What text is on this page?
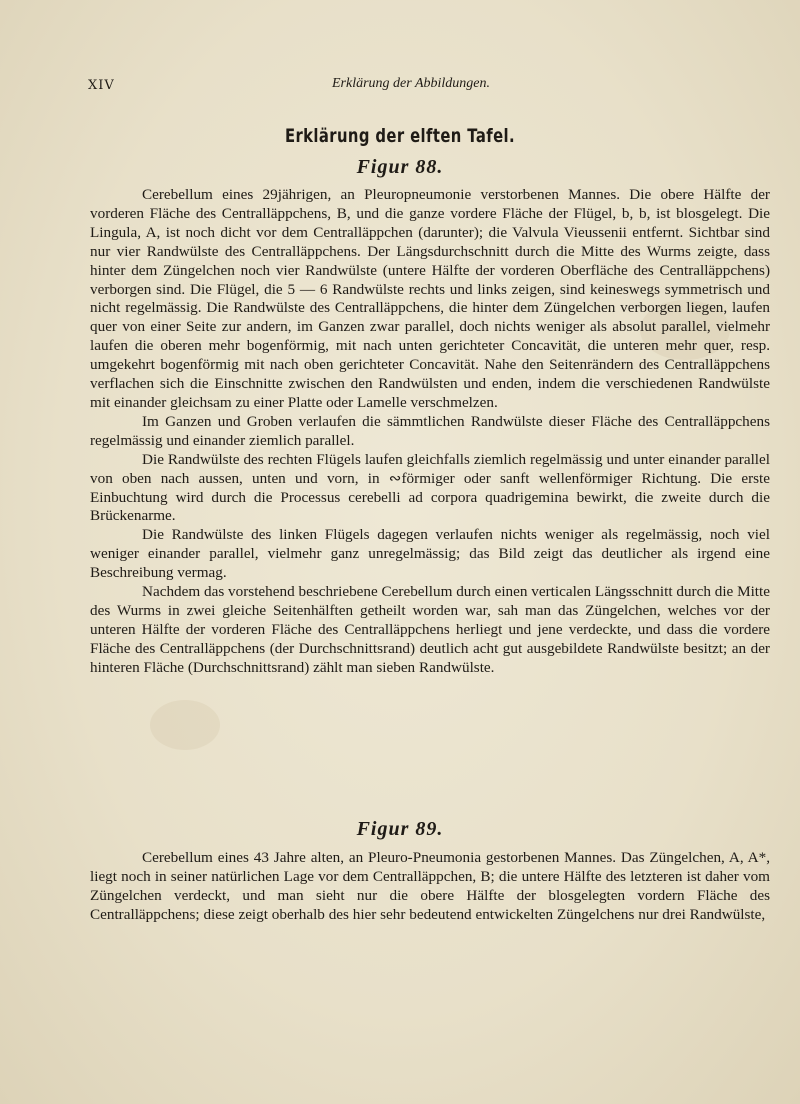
XIV	Erklärung der Abbildungen.
Erklärung der elften Tafel.
Figur 88.

Cerebellum eines 29jährigen, an Pleuropneumonie verstorbenen Mannes. Die obere Hälfte der vorderen Fläche des Centralläppchens, B, und die ganze vordere Fläche der Flügel, b, b, ist blosgelegt. Die Lingula, A, ist noch dicht vor dem Centralläppchen (darunter); die Valvula Vieussenii entfernt. Sichtbar sind nur vier Randwülste des Centralläppchens. Der Längsdurchschnitt durch die Mitte des Wurms zeigte, dass hinter dem Züngelchen noch vier Randwülste (untere Hälfte der vorderen Oberfläche des Centralläppchens) verborgen sind. Die Flügel, die 5 — 6 Randwülste rechts und links zeigen, sind keineswegs symmetrisch und nicht regelmässig. Die Randwülste des Centralläppchens, die hinter dem Züngelchen verborgen liegen, laufen quer von einer Seite zur andern, im Ganzen zwar parallel, doch nichts weniger als absolut parallel, vielmehr laufen die oberen mehr bogenförmig, mit nach unten gerichteter Concavität, die unteren mehr quer, resp. umgekehrt bogenförmig mit nach oben gerichteter Concavität. Nahe den Seitenrändern des Centralläppchens verflachen sich die Einschnitte zwischen den Randwülsten und enden, indem die verschiedenen Randwülste mit einander gleichsam zu einer Platte oder Lamelle verschmelzen.

Im Ganzen und Groben verlaufen die sämmtlichen Randwülste dieser Fläche des Centralläppchens regelmässig und einander ziemlich parallel.

Die Randwülste des rechten Flügels laufen gleichfalls ziemlich regelmässig und unter einander parallel von oben nach aussen, unten und vorn, in ∾förmiger oder sanft wellenförmiger Richtung. Die erste Einbuchtung wird durch die Processus cerebelli ad corpora quadrigemina bewirkt, die zweite durch die Brückenarme.

Die Randwülste des linken Flügels dagegen verlaufen nichts weniger als regelmässig, noch viel weniger einander parallel, vielmehr ganz unregelmässig; das Bild zeigt das deutlicher als irgend eine Beschreibung vermag.

Nachdem das vorstehend beschriebene Cerebellum durch einen verticalen Längsschnitt durch die Mitte des Wurms in zwei gleiche Seitenhälften getheilt worden war, sah man das Züngelchen, welches vor der unteren Hälfte der vorderen Fläche des Centralläppchens herliegt und jene verdeckte, und dass die vordere Fläche des Centralläppchens (der Durchschnittsrand) deutlich acht gut ausgebildete Randwülste besitzt; an der hinteren Fläche (Durchschnittsrand) zählt man sieben Randwülste.

Figur 89.

Cerebellum eines 43 Jahre alten, an Pleuro-Pneumonia gestorbenen Mannes. Das Züngelchen, A, A*, liegt noch in seiner natürlichen Lage vor dem Centralläppchen, B; die untere Hälfte des letzteren ist daher vom Züngelchen verdeckt, und man sieht nur die obere Hälfte der blosgelegten vordern Fläche des Centralläppchens; diese zeigt oberhalb des hier sehr bedeutend entwickelten Züngelchens nur drei Randwülste,
